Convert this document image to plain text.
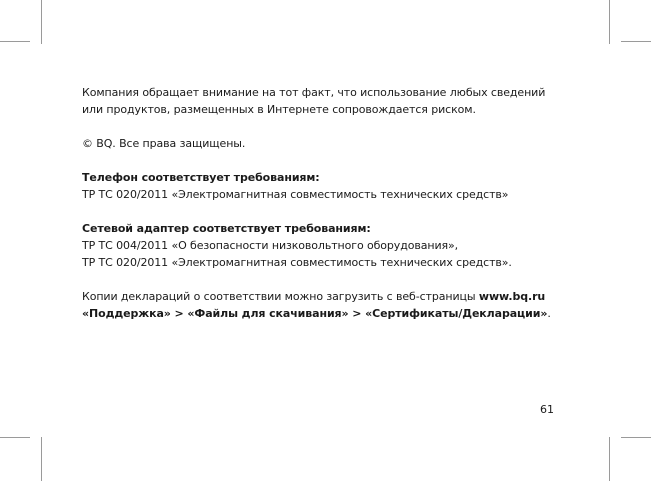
Компания обращает внимание на тот факт, что использование любых сведений

или продуктов, размещенных в Интернете сопровождается риском.

© BQ. Все права защищены.

Телефон соответствует требованиям:

ТР ТС 020/2011 «Электромагнитная совместимость технических средств»

Сетевой адаптер соответствует требованиям:

ТР ТС 004/2011 «О безопасности низковольтного оборудования»,

ТР ТС 020/2011 «Электромагнитная совместимость технических средств».

Копии деклараций о соответствии можно загрузить с веб-страницы www.bq.ru

«Поддержка» > «Файлы для скачивания» > «Сертификаты/Декларации».

61
